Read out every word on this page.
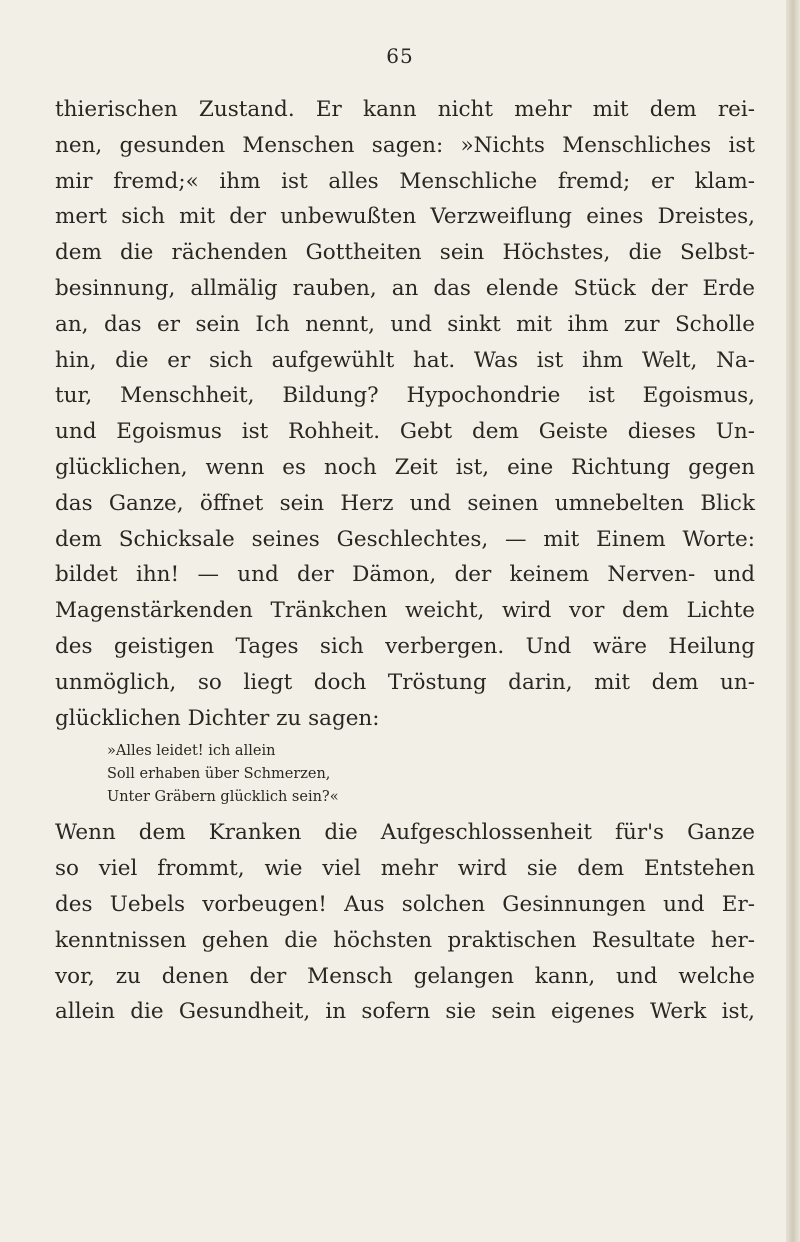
65
thierischen Zustand. Er kann nicht mehr mit dem rei-
nen, gesunden Menschen sagen: »Nichts Menschliches ist
mir fremd;« ihm ist alles Menschliche fremd; er klam-
mert sich mit der unbewußten Verzweiflung eines Dreistes,
dem die rächenden Gottheiten sein Höchstes, die Selbst-
besinnung, allmälig rauben, an das elende Stück der Erde
an, das er sein Ich nennt, und sinkt mit ihm zur Scholle
hin, die er sich aufgewühlt hat. Was ist ihm Welt, Na-
tur, Menschheit, Bildung? Hypochondrie ist Egoismus,
und Egoismus ist Rohheit. Gebt dem Geiste dieses Un-
glücklichen, wenn es noch Zeit ist, eine Richtung gegen
das Ganze, öffnet sein Herz und seinen umnebelten Blick
dem Schicksale seines Geschlechtes, — mit Einem Worte:
bildet ihn! — und der Dämon, der keinem Nerven- und
Magenstärkenden Tränkchen weicht, wird vor dem Lichte
des geistigen Tages sich verbergen. Und wäre Heilung
unmöglich, so liegt doch Tröstung darin, mit dem un-
glücklichen Dichter zu sagen:
»Alles leidet! ich allein
Soll erhaben über Schmerzen,
Unter Gräbern glücklich sein?«
Wenn dem Kranken die Aufgeschlossenheit für's Ganze
so viel frommt, wie viel mehr wird sie dem Entstehen
des Uebels vorbeugen! Aus solchen Gesinnungen und Er-
kenntnissen gehen die höchsten praktischen Resultate her-
vor, zu denen der Mensch gelangen kann, und welche
allein die Gesundheit, in sofern sie sein eigenes Werk ist,
